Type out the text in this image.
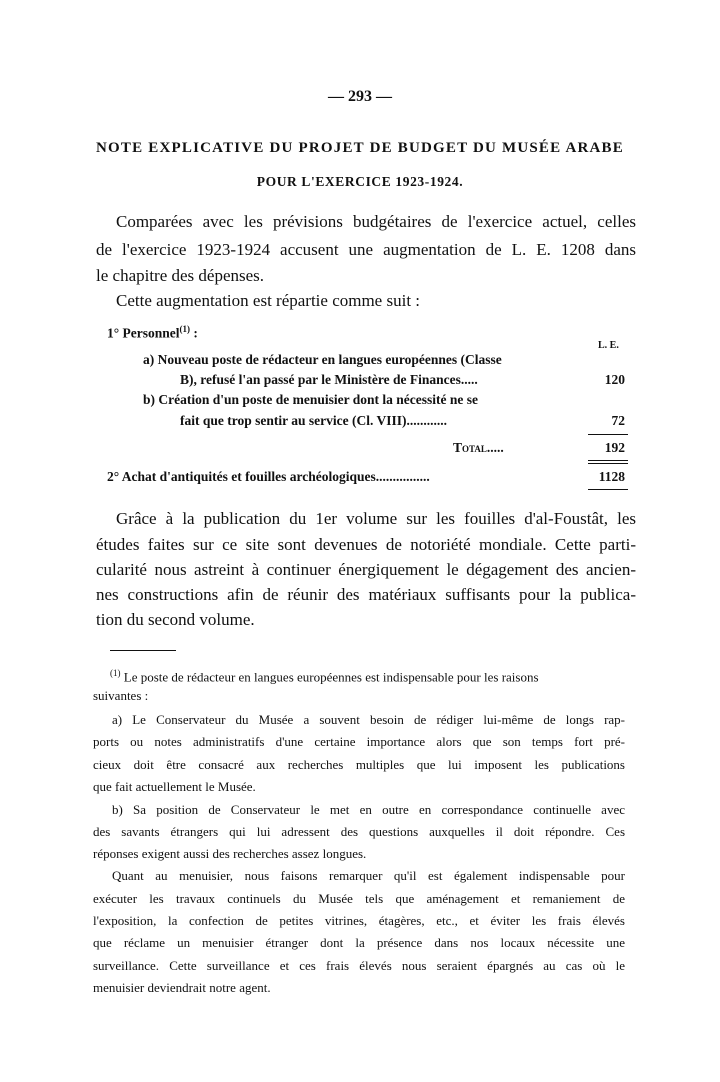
— 293 —
NOTE EXPLICATIVE DU PROJET DE BUDGET DU MUSÉE ARABE
POUR L'EXERCICE 1923-1924.
Comparées avec les prévisions budgétaires de l'exercice actuel, celles
de l'exercice 1923-1924 accusent une augmentation de L. E. 1208 dans
le chapitre des dépenses.
Cette augmentation est répartie comme suit :
1° Personnel$^{(1)}$ :
L. E.
a) Nouveau poste de rédacteur en langues européennes (Classe
B), refusé l'an passé par le Ministère de Finances.....	120
b) Création d'un poste de menuisier dont la nécessité ne se
fait que trop sentir au service (Cl. VIII)............	72
Total.....	192
2° Achat d'antiquités et fouilles archéologiques................	1128
Grâce à la publication du 1er volume sur les fouilles d'al-Foustât, les
études faites sur ce site sont devenues de notoriété mondiale. Cette parti-
cularité nous astreint à continuer énergiquement le dégagement des ancien-
nes constructions afin de réunir des matériaux suffisants pour la publica-
tion du second volume.
$^{(1)}$ Le poste de rédacteur en langues européennes est indispensable pour les raisons
suivantes :
a) Le Conservateur du Musée a souvent besoin de rédiger lui-même de longs rap-
ports ou notes administratifs d'une certaine importance alors que son temps fort pré-
cieux doit être consacré aux recherches multiples que lui imposent les publications
que fait actuellement le Musée.
b) Sa position de Conservateur le met en outre en correspondance continuelle avec
des savants étrangers qui lui adressent des questions auxquelles il doit répondre. Ces
réponses exigent aussi des recherches assez longues.
Quant au menuisier, nous faisons remarquer qu'il est également indispensable pour
exécuter les travaux continuels du Musée tels que aménagement et remaniement de
l'exposition, la confection de petites vitrines, étagères, etc., et éviter les frais élevés
que réclame un menuisier étranger dont la présence dans nos locaux nécessite une
surveillance. Cette surveillance et ces frais élevés nous seraient épargnés au cas où le
menuisier deviendrait notre agent.
